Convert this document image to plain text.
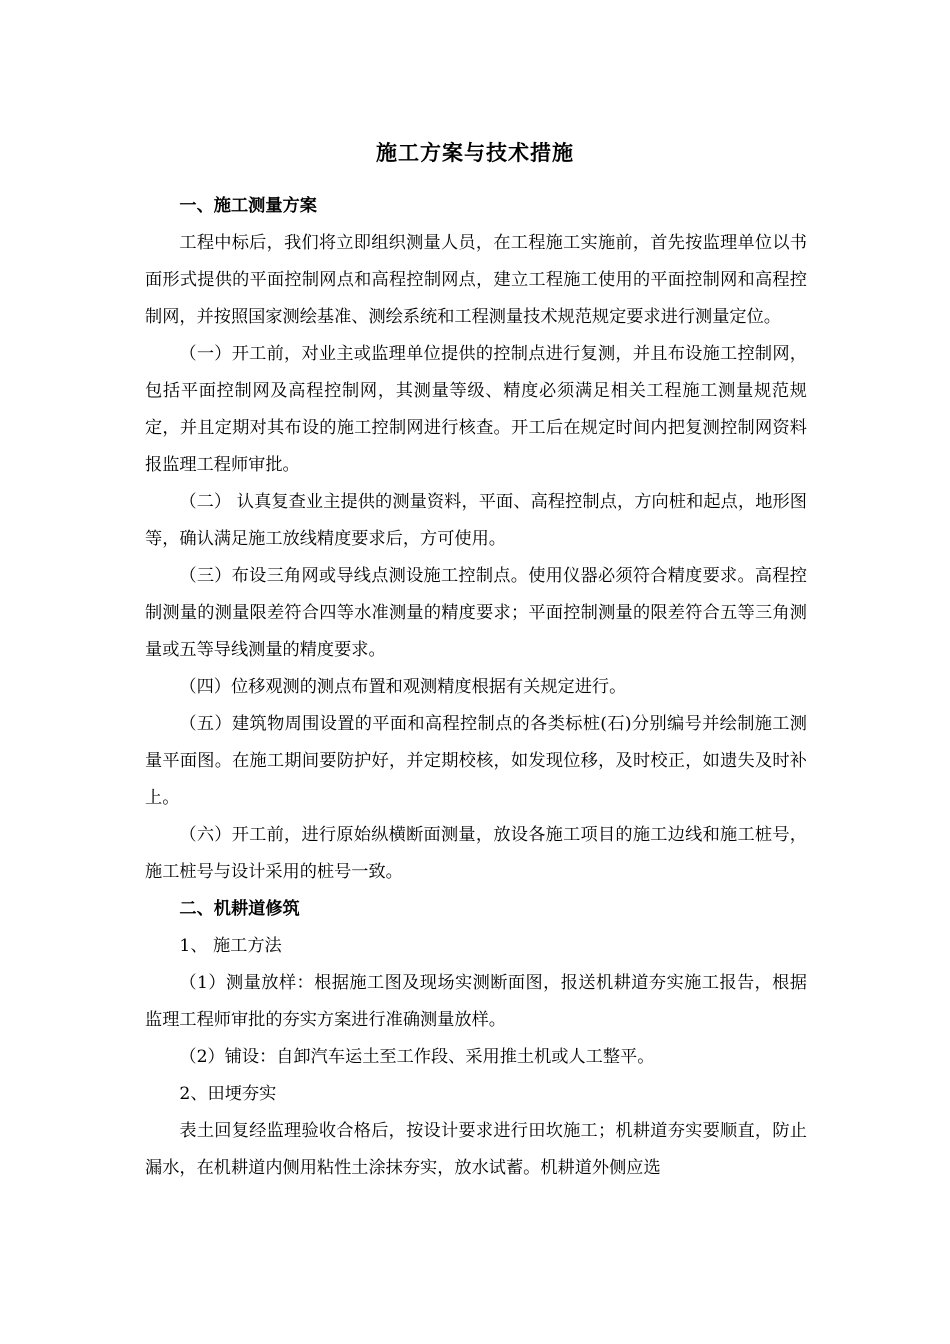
施工方案与技术措施

一、施工测量方案

工程中标后，我们将立即组织测量人员，在工程施工实施前，首先按监理单位以书面形式提供的平面控制网点和高程控制网点，建立工程施工使用的平面控制网和高程控制网，并按照国家测绘基准、测绘系统和工程测量技术规范规定要求进行测量定位。

（一）开工前，对业主或监理单位提供的控制点进行复测，并且布设施工控制网，包括平面控制网及高程控制网，其测量等级、精度必须满足相关工程施工测量规范规定，并且定期对其布设的施工控制网进行核查。开工后在规定时间内把复测控制网资料报监理工程师审批。

（二） 认真复查业主提供的测量资料，平面、高程控制点，方向桩和起点，地形图等，确认满足施工放线精度要求后，方可使用。

（三）布设三角网或导线点测设施工控制点。使用仪器必须符合精度要求。高程控制测量的测量限差符合四等水准测量的精度要求；平面控制测量的限差符合五等三角测量或五等导线测量的精度要求。

（四）位移观测的测点布置和观测精度根据有关规定进行。

（五）建筑物周围设置的平面和高程控制点的各类标桩(石)分别编号并绘制施工测量平面图。在施工期间要防护好，并定期校核，如发现位移，及时校正，如遗失及时补上。

（六）开工前，进行原始纵横断面测量，放设各施工项目的施工边线和施工桩号，施工桩号与设计采用的桩号一致。

二、机耕道修筑

1、 施工方法

（1）测量放样：根据施工图及现场实测断面图，报送机耕道夯实施工报告，根据监理工程师审批的夯实方案进行准确测量放样。

（2）铺设：自卸汽车运土至工作段、采用推土机或人工整平。

2、田埂夯实

表土回复经监理验收合格后，按设计要求进行田坎施工；机耕道夯实要顺直，防止漏水，在机耕道内侧用粘性土涂抹夯实，放水试蓄。机耕道外侧应选
